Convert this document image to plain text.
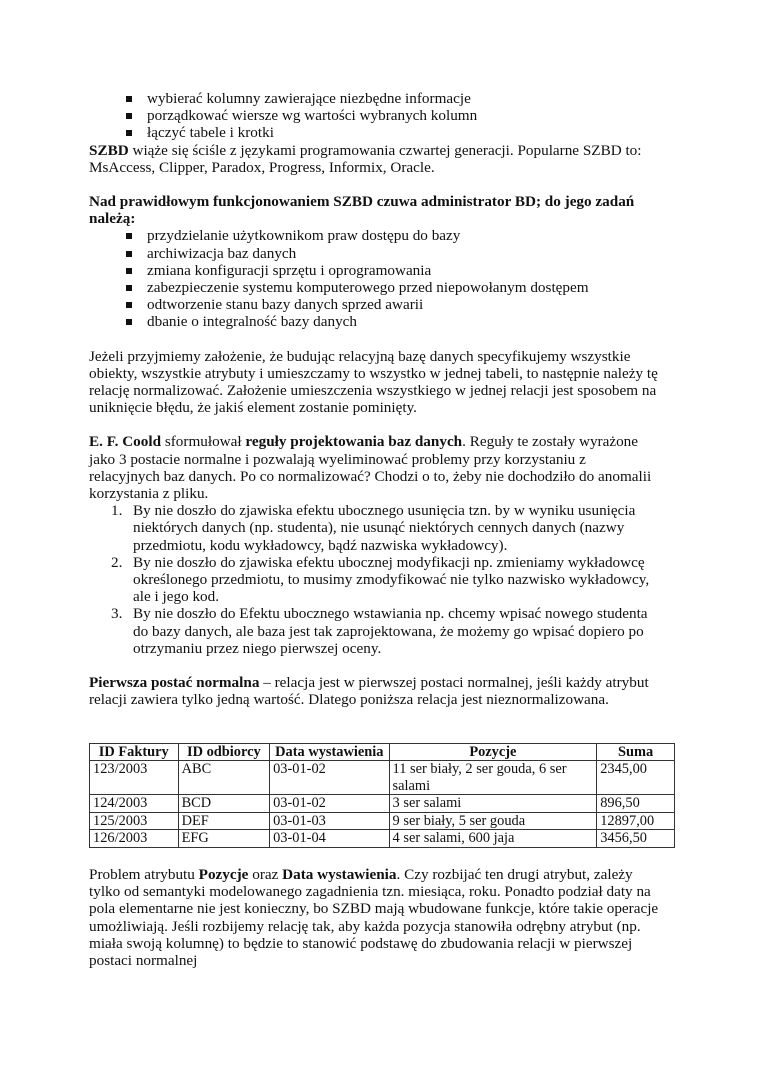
wybierać kolumny zawierające niezbędne informacje
porządkować wiersze wg wartości wybranych kolumn
łączyć tabele i krotki

SZBD wiąże się ściśle z językami programowania czwartej generacji. Popularne SZBD to:
MsAccess, Clipper, Paradox, Progress, Informix, Oracle.

Nad prawidłowym funkcjonowaniem SZBD czuwa administrator BD; do jego zadań
należą:

przydzielanie użytkownikom praw dostępu do bazy
archiwizacja baz danych
zmiana konfiguracji sprzętu i oprogramowania
zabezpieczenie systemu komputerowego przed niepowołanym dostępem
odtworzenie stanu bazy danych sprzed awarii
dbanie o integralność bazy danych

Jeżeli przyjmiemy założenie, że budując relacyjną bazę danych specyfikujemy wszystkie
obiekty, wszystkie atrybuty i umieszczamy to wszystko w jednej tabeli, to następnie należy tę
relację normalizować. Założenie umieszczenia wszystkiego w jednej relacji jest sposobem na
uniknięcie błędu, że jakiś element zostanie pominięty.

E. F. Coold sformułował reguły projektowania baz danych. Reguły te zostały wyrażone
jako 3 postacie normalne i pozwalają wyeliminować problemy przy korzystaniu z
relacyjnych baz danych. Po co normalizować? Chodzi o to, żeby nie dochodziło do anomalii
korzystania z pliku.

1. By nie doszło do zjawiska efektu ubocznego usunięcia tzn. by w wyniku usunięcia
niektórych danych (np. studenta), nie usunąć niektórych cennych danych (nazwy
przedmiotu, kodu wykładowcy, bądź nazwiska wykładowcy).
2. By nie doszło do zjawiska efektu ubocznej modyfikacji np. zmieniamy wykładowcę
określonego przedmiotu, to musimy zmodyfikować nie tylko nazwisko wykładowcy,
ale i jego kod.
3. By nie doszło do Efektu ubocznego wstawiania np. chcemy wpisać nowego studenta
do bazy danych, ale baza jest tak zaprojektowana, że możemy go wpisać dopiero po
otrzymaniu przez niego pierwszej oceny.

Pierwsza postać normalna – relacja jest w pierwszej postaci normalnej, jeśli każdy atrybut
relacji zawiera tylko jedną wartość. Dlatego poniższa relacja jest nieznormalizowana.

ID Faktury	ID odbiorcy	Data wystawienia	Pozycje	Suma
123/2003	ABC	03-01-02	11 ser biały, 2 ser gouda, 6 ser salami	2345,00
124/2003	BCD	03-01-02	3 ser salami	896,50
125/2003	DEF	03-01-03	9 ser biały, 5 ser gouda	12897,00
126/2003	EFG	03-01-04	4 ser salami, 600 jaja	3456,50

Problem atrybutu Pozycje oraz Data wystawienia. Czy rozbijać ten drugi atrybut, zależy
tylko od semantyki modelowanego zagadnienia tzn. miesiąca, roku. Ponadto podział daty na
pola elementarne nie jest konieczny, bo SZBD mają wbudowane funkcje, które takie operacje
umożliwiają. Jeśli rozbijemy relację tak, aby każda pozycja stanowiła odrębny atrybut (np.
miała swoją kolumnę) to będzie to stanowić podstawę do zbudowania relacji w pierwszej
postaci normalnej
